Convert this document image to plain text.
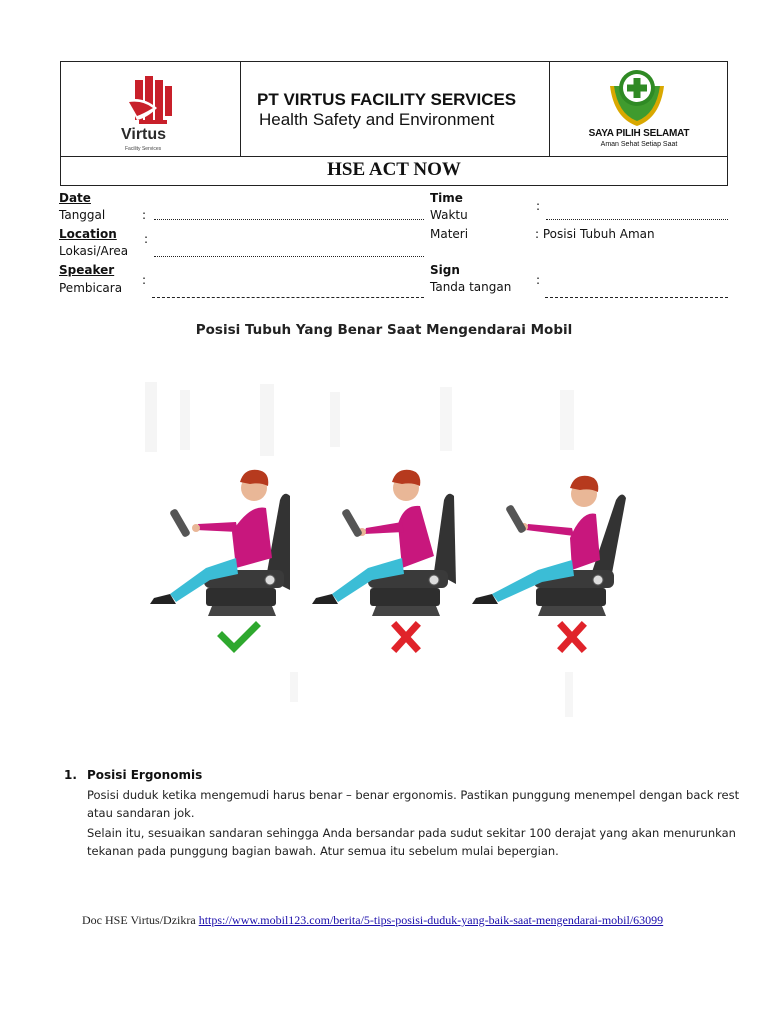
Virtus
Facility Services
PT VIRTUS FACILITY SERVICES
Health Safety and Environment
SAYA PILIH SELAMAT
Aman Sehat Setiap Saat
HSE ACT NOW
Date
Tanggal	:
Location
Lokasi/Area
:
Speaker
Pembicara
:
Time
Waktu
:
Materi	: Posisi Tubuh Aman
Sign
Tanda tangan :
Posisi Tubuh Yang Benar Saat Mengendarai Mobil
1. Posisi Ergonomis
Posisi duduk ketika mengemudi harus benar – benar ergonomis. Pastikan punggung menempel dengan back rest
atau sandaran jok.
Selain itu, sesuaikan sandaran sehingga Anda bersandar pada sudut sekitar 100 derajat yang akan menurunkan
tekanan pada punggung bagian bawah. Atur semua itu sebelum mulai bepergian.
Doc HSE Virtus/Dzikra https://www.mobil123.com/berita/5-tips-posisi-duduk-yang-baik-saat-mengendarai-mobil/63099
